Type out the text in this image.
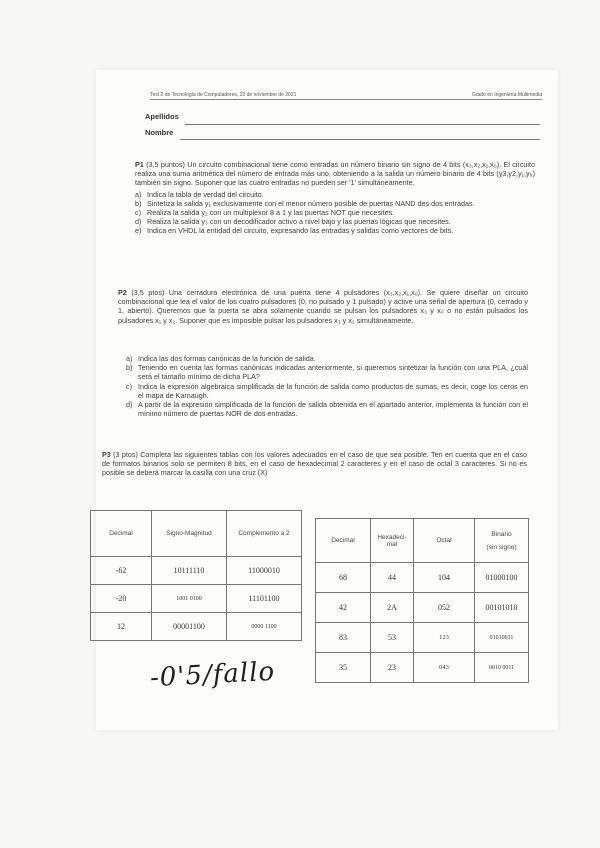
Test 2 de Tecnología de Computadores, 22 de noviembre de 2021	Grado en Ingeniería Multimedia
Apellidos
Nombre

P1 (3,5 puntos) Un circuito combinacional tiene como entradas un número binario sin signo de 4 bits (x₃,x₂,x₁,x₀). El circuito realiza una suma aritmética del número de entrada más uno, obteniendo a la salida un número binario de 4 bits (y3,y2,y₁,y₀) también sin signo. Suponer que las cuatro entradas no pueden ser '1' simultáneamente.

a) Indica la tabla de verdad del circuito.
b) Sintetiza la salida y₁ exclusivamente con el menor número posible de puertas NAND des dos entradas.
c) Realiza la salida y₂ con un multiplexor 8 a 1 y las puertas NOT que necesites.
d) Realiza la salida y₃ con un decodificador activo a nivel bajo y las puertas lógicas que necesites.
e) Indica en VHDL la entidad del circuito, expresando las entradas y salidas como vectores de bits.

P2 (3,5 ptos) Una cerradura electrónica de una puerta tiene 4 pulsadores (x₃,x₂,x₁,x₀). Se quiere diseñar un circuito combinacional que lea el valor de los cuatro pulsadores (0, no pulsado y 1 pulsado) y active una señal de apertura (0, cerrado y 1, abierto). Queremos que la puerta se abra solamente cuando se pulsan los pulsadores x₃ y x₀ o no están pulsados los pulsadores x₁ y x₂. Suponer que es imposible pulsar los pulsadores x₃ y x₂ simultáneamente.

a) Indica las dos formas canónicas de la función de salida.
b) Teniendo en cuenta las formas canónicas indicadas anteriormente, si queremos sintetizar la función con una PLA, ¿cuál será el tamaño mínimo de dicha PLA?
c) Indica la expresión algebraica simplificada de la función de salida como productos de sumas, es decir, coge los ceros en el mapa de Karnaugh.
d) A partir de la expresión simplificada de la función de salida obtenida en el apartado anterior, implementa la función con el mínimo número de puertas NOR de dos entradas.

P3 (3 ptos) Completa las siguientes tablas con los valores adecuados en el caso de que sea posible. Ten en cuenta que en el caso de formatos binarios solo se permiten 8 bits, en el caso de hexadecimal 2 caracteres y en el caso de octal 3 caracteres. Si no es posible se deberá marcar la casilla con una cruz (X)

Decimal	Signo-Magnitud	Complemento a 2
-62	10111110	11000010
-20	1001 0100	11101100
12	00001100	0000 1100
Decimal	Hexadeci-mal	Octal	Binario
(sin signo)

68	44	104	01000100
42	2A	052	00101010
83	53	123	01010011
35	23	043	0010 0011
-0'5/fallo
